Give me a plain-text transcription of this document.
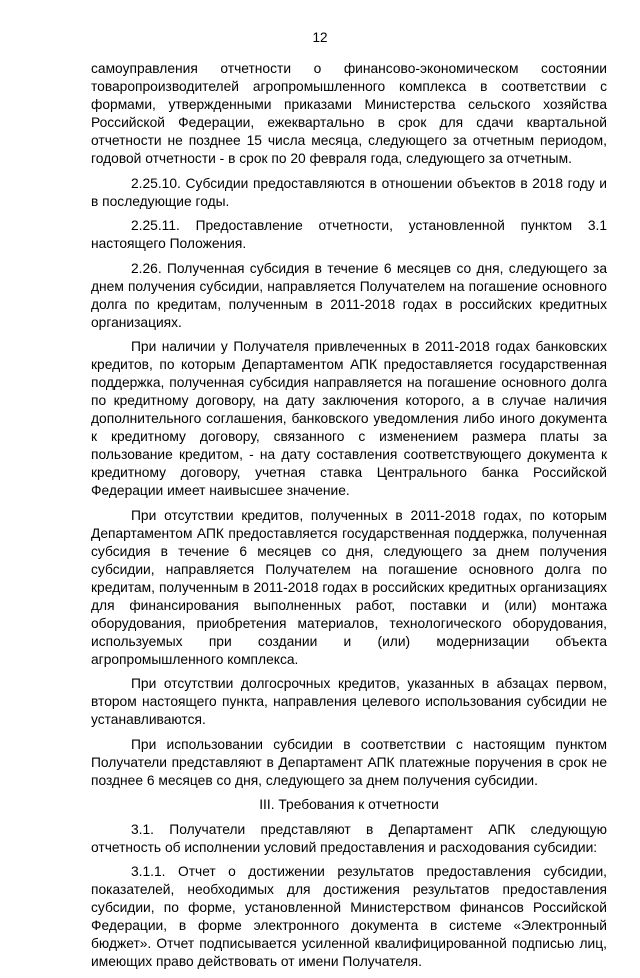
12

самоуправления отчетности о финансово-экономическом состоянии товаропроизводителей агропромышленного комплекса в соответствии с формами, утвержденными приказами Министерства сельского хозяйства Российской Федерации, ежеквартально в срок для сдачи квартальной отчетности не позднее 15 числа месяца, следующего за отчетным периодом, годовой отчетности - в срок по 20 февраля года, следующего за отчетным.

2.25.10. Субсидии предоставляются в отношении объектов в 2018 году и в последующие годы.

2.25.11. Предоставление отчетности, установленной пунктом 3.1 настоящего Положения.

2.26. Полученная субсидия в течение 6 месяцев со дня, следующего за днем получения субсидии, направляется Получателем на погашение основного долга по кредитам, полученным в 2011-2018 годах в российских кредитных организациях.

При наличии у Получателя привлеченных в 2011-2018 годах банковских кредитов, по которым Департаментом АПК предоставляется государственная поддержка, полученная субсидия направляется на погашение основного долга по кредитному договору, на дату заключения которого, а в случае наличия дополнительного соглашения, банковского уведомления либо иного документа к кредитному договору, связанного с изменением размера платы за пользование кредитом, - на дату составления соответствующего документа к кредитному договору, учетная ставка Центрального банка Российской Федерации имеет наивысшее значение.

При отсутствии кредитов, полученных в 2011-2018 годах, по которым Департаментом АПК предоставляется государственная поддержка, полученная субсидия в течение 6 месяцев со дня, следующего за днем получения субсидии, направляется Получателем на погашение основного долга по кредитам, полученным в 2011-2018 годах в российских кредитных организациях для финансирования выполненных работ, поставки и (или) монтажа оборудования, приобретения материалов, технологического оборудования, используемых при создании и (или) модернизации объекта агропромышленного комплекса.

При отсутствии долгосрочных кредитов, указанных в абзацах первом, втором настоящего пункта, направления целевого использования субсидии не устанавливаются.

При использовании субсидии в соответствии с настоящим пунктом Получатели представляют в Департамент АПК платежные поручения в срок не позднее 6 месяцев со дня, следующего за днем получения субсидии.

III. Требования к отчетности

3.1. Получатели представляют в Департамент АПК следующую отчетность об исполнении условий предоставления и расходования субсидии:

3.1.1. Отчет о достижении результатов предоставления субсидии, показателей, необходимых для достижения результатов предоставления субсидии, по форме, установленной Министерством финансов Российской Федерации, в форме электронного документа в системе «Электронный бюджет». Отчет подписывается усиленной квалифицированной подписью лиц, имеющих право действовать от имени Получателя.
